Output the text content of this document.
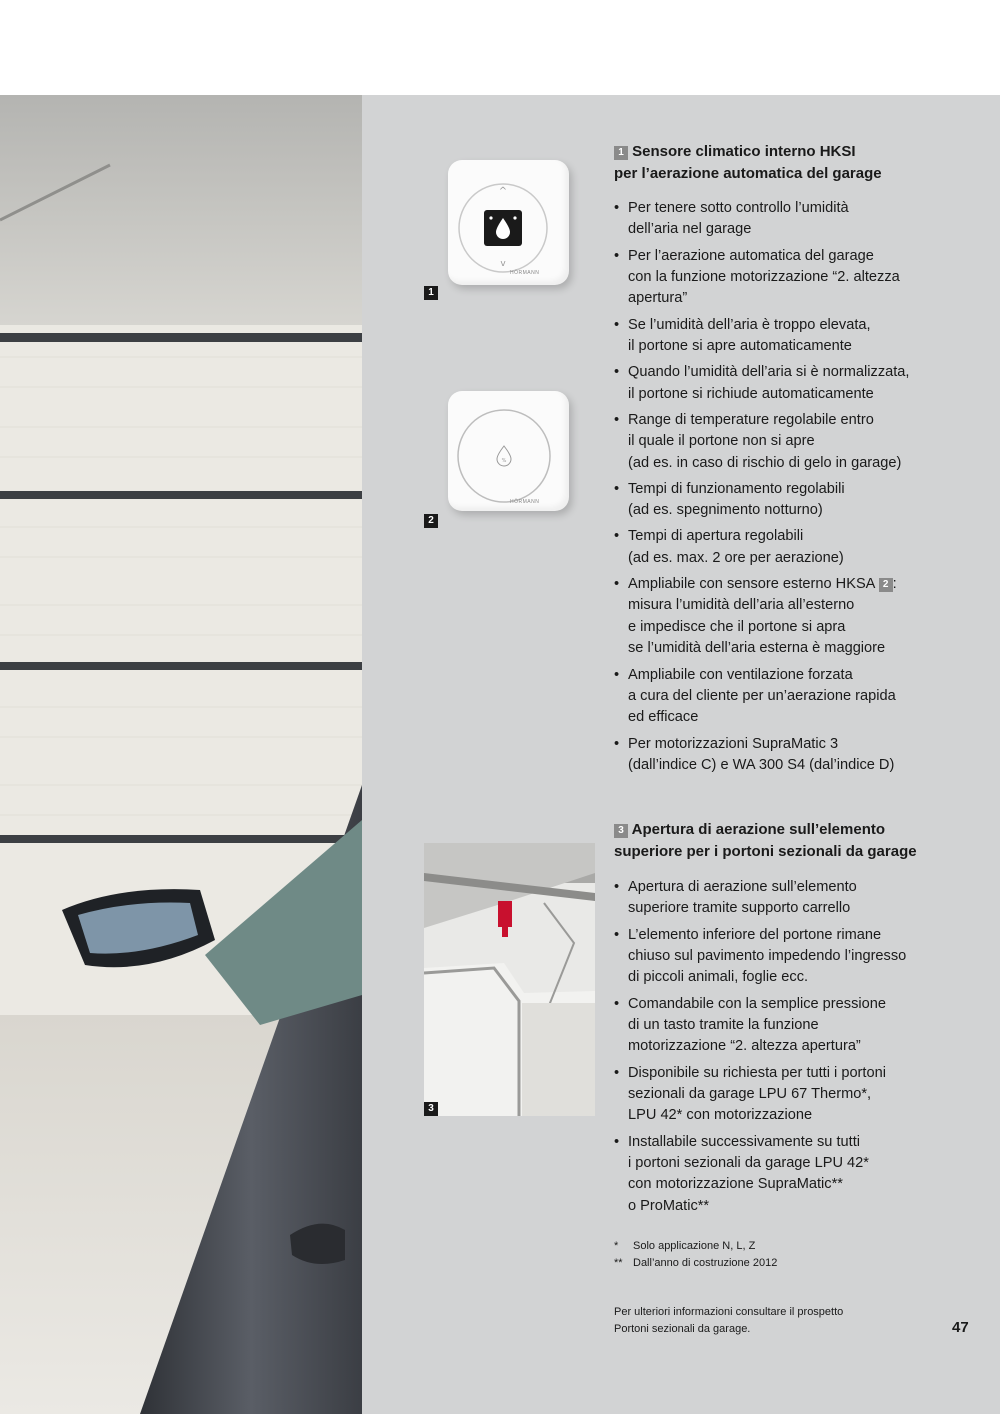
^
v
HÖRMANN
1
%
HÖRMANN
2
3
1 Sensore climatico interno HKSI
per l’aerazione automatica del garage
• Per tenere sotto controllo l’umidità
dell’aria nel garage
• Per l’aerazione automatica del garage
con la funzione motorizzazione “2. altezza
apertura”
• Se l’umidità dell’aria è troppo elevata,
il portone si apre automaticamente
• Quando l’umidità dell’aria si è normalizzata,
il portone si richiude automaticamente
• Range di temperature regolabile entro
il quale il portone non si apre
(ad es. in caso di rischio di gelo in garage)
• Tempi di funzionamento regolabili
(ad es. spegnimento notturno)
• Tempi di apertura regolabili
(ad es. max. 2 ore per aerazione)
• Ampliabile con sensore esterno HKSA 2 :
misura l’umidità dell’aria all’esterno
e impedisce che il portone si apra
se l’umidità dell’aria esterna è maggiore
• Ampliabile con ventilazione forzata
a cura del cliente per un’aerazione rapida
ed efficace
• Per motorizzazioni SupraMatic 3
(dall’indice C) e WA 300 S4 (dal’indice D)
3 Apertura di aerazione sull’elemento
superiore per i portoni sezionali da garage
• Apertura di aerazione sull’elemento
superiore tramite supporto carrello
• L’elemento inferiore del portone rimane
chiuso sul pavimento impedendo l’ingresso
di piccoli animali, foglie ecc.
• Comandabile con la semplice pressione
di un tasto tramite la funzione
motorizzazione “2. altezza apertura”
• Disponibile su richiesta per tutti i portoni
sezionali da garage LPU 67 Thermo*,
LPU 42* con motorizzazione
• Installabile successivamente su tutti
i portoni sezionali da garage LPU 42*
con motorizzazione SupraMatic**
o ProMatic**
*	Solo applicazione N, L, Z
** Dall’anno di costruzione 2012
Per ulteriori informazioni consultare il prospetto
Portoni sezionali da garage.	47
